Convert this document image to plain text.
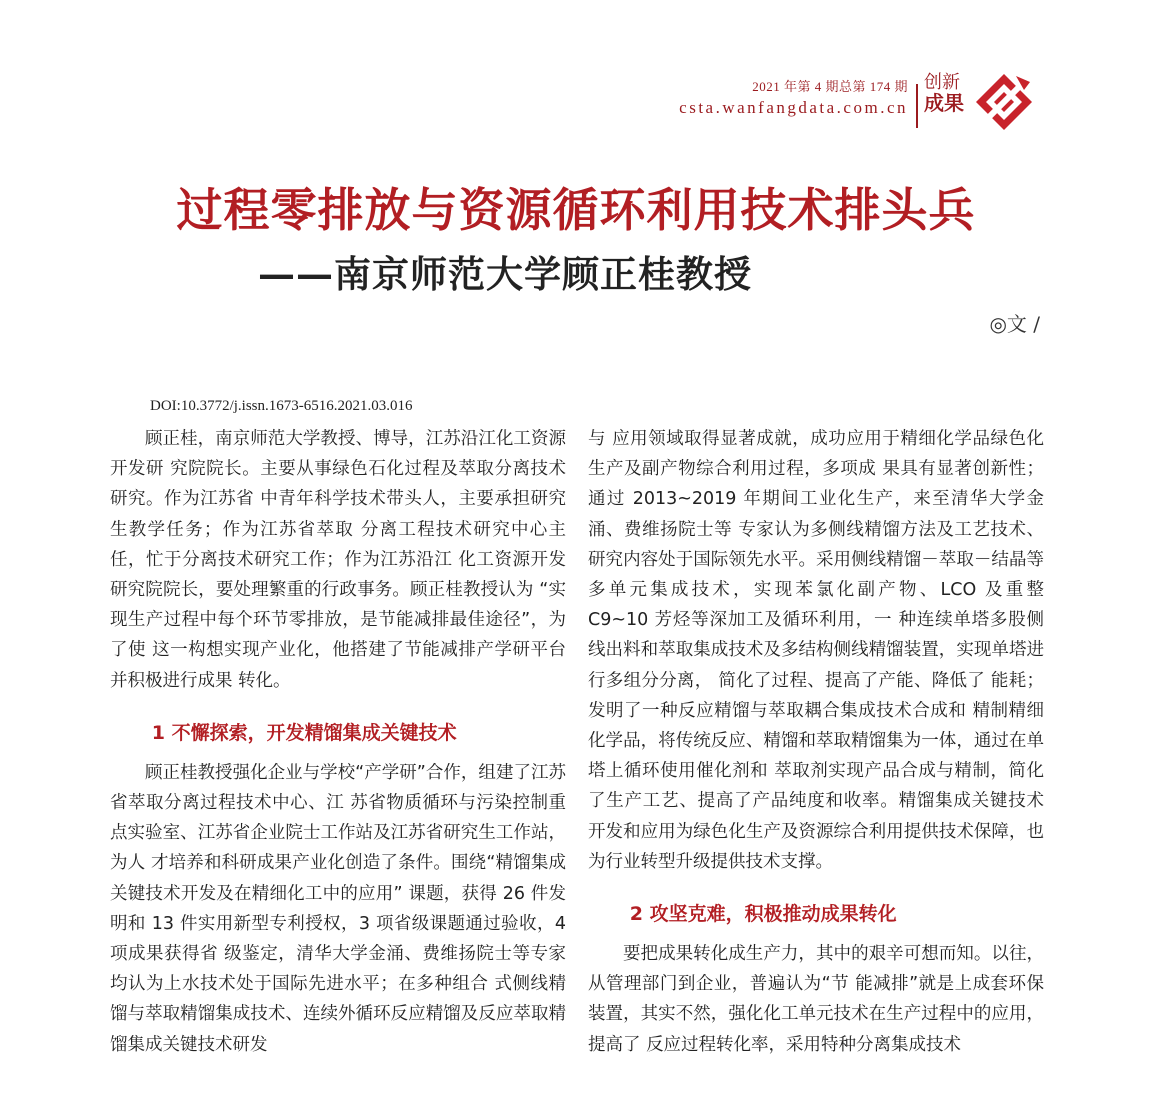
2021 年第 4 期总第 174 期
csta.wanfangdata.com.cn
创新
成果
过程零排放与资源循环利用技术排头兵
——南京师范大学顾正桂教授
◎文 /
DOI:10.3772/j.issn.1673-6516.2021.03.016

顾正桂，南京师范大学教授、博导，江苏沿江化工资源开发研 究院院长。主要从事绿色石化过程及萃取分离技术研究。作为江苏省 中青年科学技术带头人，主要承担研究生教学任务；作为江苏省萃取 分离工程技术研究中心主任，忙于分离技术研究工作；作为江苏沿江 化工资源开发研究院院长，要处理繁重的行政事务。顾正桂教授认为 “实现生产过程中每个环节零排放，是节能减排最佳途径”，为了使 这一构想实现产业化，他搭建了节能减排产学研平台并积极进行成果 转化。

1 不懈探索，开发精馏集成关键技术

顾正桂教授强化企业与学校“产学研”合作，组建了江苏省萃取分离过程技术中心、江 苏省物质循环与污染控制重点实验室、江苏省企业院士工作站及江苏省研究生工作站，为人 才培养和科研成果产业化创造了条件。围绕“精馏集成关键技术开发及在精细化工中的应用” 课题，获得 26 件发明和 13 件实用新型专利授权，3 项省级课题通过验收，4 项成果获得省 级鉴定，清华大学金涌、费维扬院士等专家均认为上水技术处于国际先进水平；在多种组合 式侧线精馏与萃取精馏集成技术、连续外循环反应精馏及反应萃取精馏集成关键技术研发

与 应用领域取得显著成就，成功应用于精细化学品绿色化生产及副产物综合利用过程，多项成 果具有显著创新性；通过 2013~2019 年期间工业化生产，来至清华大学金涌、费维扬院士等 专家认为多侧线精馏方法及工艺技术、研究内容处于国际领先水平。采用侧线精馏－萃取－结晶等多单元集成技术，实现苯氯化副产物、LCO 及重整 C9~10 芳烃等深加工及循环利用，一 种连续单塔多股侧线出料和萃取集成技术及多结构侧线精馏装置，实现单塔进行多组分分离， 简化了过程、提高了产能、降低了 能耗；发明了一种反应精馏与萃取耦合集成技术合成和 精制精细化学品，将传统反应、精馏和萃取精馏集为一体，通过在单塔上循环使用催化剂和 萃取剂实现产品合成与精制，简化了生产工艺、提高了产品纯度和收率。精馏集成关键技术 开发和应用为绿色化生产及资源综合利用提供技术保障，也为行业转型升级提供技术支撑。

2 攻坚克难，积极推动成果转化

要把成果转化成生产力，其中的艰辛可想而知。以往，从管理部门到企业，普遍认为“节 能减排”就是上成套环保装置，其实不然，强化化工单元技术在生产过程中的应用，提高了 反应过程转化率，采用特种分离集成技术
